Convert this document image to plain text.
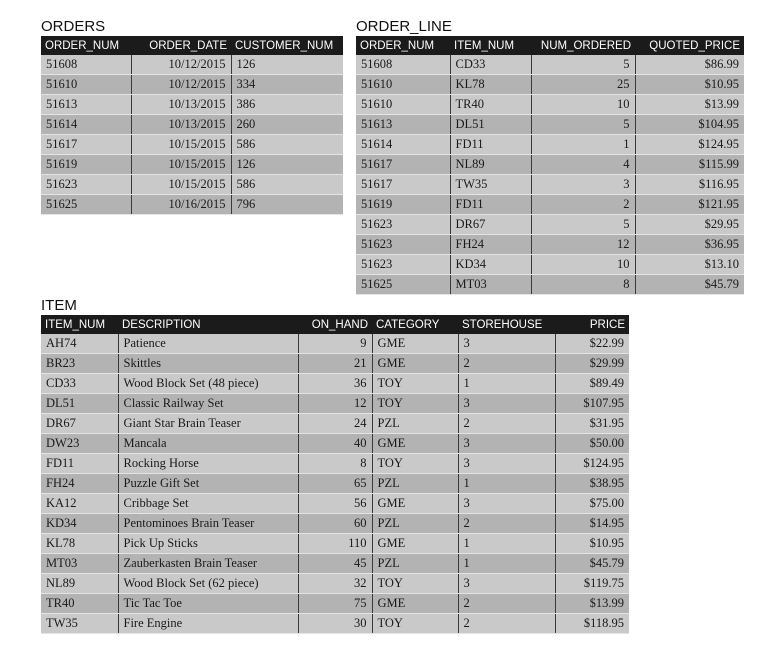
ORDERS
ORDER_NUM	ORDER_DATE	CUSTOMER_NUM
51608	10/12/2015	126
51610	10/12/2015	334
51613	10/13/2015	386
51614	10/13/2015	260
51617	10/15/2015	586
51619	10/15/2015	126
51623	10/15/2015	586
51625	10/16/2015	796
ORDER_LINE
ORDER_NUM	ITEM_NUM	NUM_ORDERED	QUOTED_PRICE
51608	CD33	5	$86.99
51610	KL78	25	$10.95
51610	TR40	10	$13.99
51613	DL51	5	$104.95
51614	FD11	1	$124.95
51617	NL89	4	$115.99
51617	TW35	3	$116.95
51619	FD11	2	$121.95
51623	DR67	5	$29.95
51623	FH24	12	$36.95
51623	KD34	10	$13.10
51625	MT03	8	$45.79
ITEM
ITEM_NUM	DESCRIPTION	ON_HAND	CATEGORY	STOREHOUSE	PRICE
AH74	Patience	9	GME	3	$22.99
BR23	Skittles	21	GME	2	$29.99
CD33	Wood Block Set (48 piece)	36	TOY	1	$89.49
DL51	Classic Railway Set	12	TOY	3	$107.95
DR67	Giant Star Brain Teaser	24	PZL	2	$31.95
DW23	Mancala	40	GME	3	$50.00
FD11	Rocking Horse	8	TOY	3	$124.95
FH24	Puzzle Gift Set	65	PZL	1	$38.95
KA12	Cribbage Set	56	GME	3	$75.00
KD34	Pentominoes Brain Teaser	60	PZL	2	$14.95
KL78	Pick Up Sticks	110	GME	1	$10.95
MT03	Zauberkasten Brain Teaser	45	PZL	1	$45.79
NL89	Wood Block Set (62 piece)	32	TOY	3	$119.75
TR40	Tic Tac Toe	75	GME	2	$13.99
TW35	Fire Engine	30	TOY	2	$118.95
